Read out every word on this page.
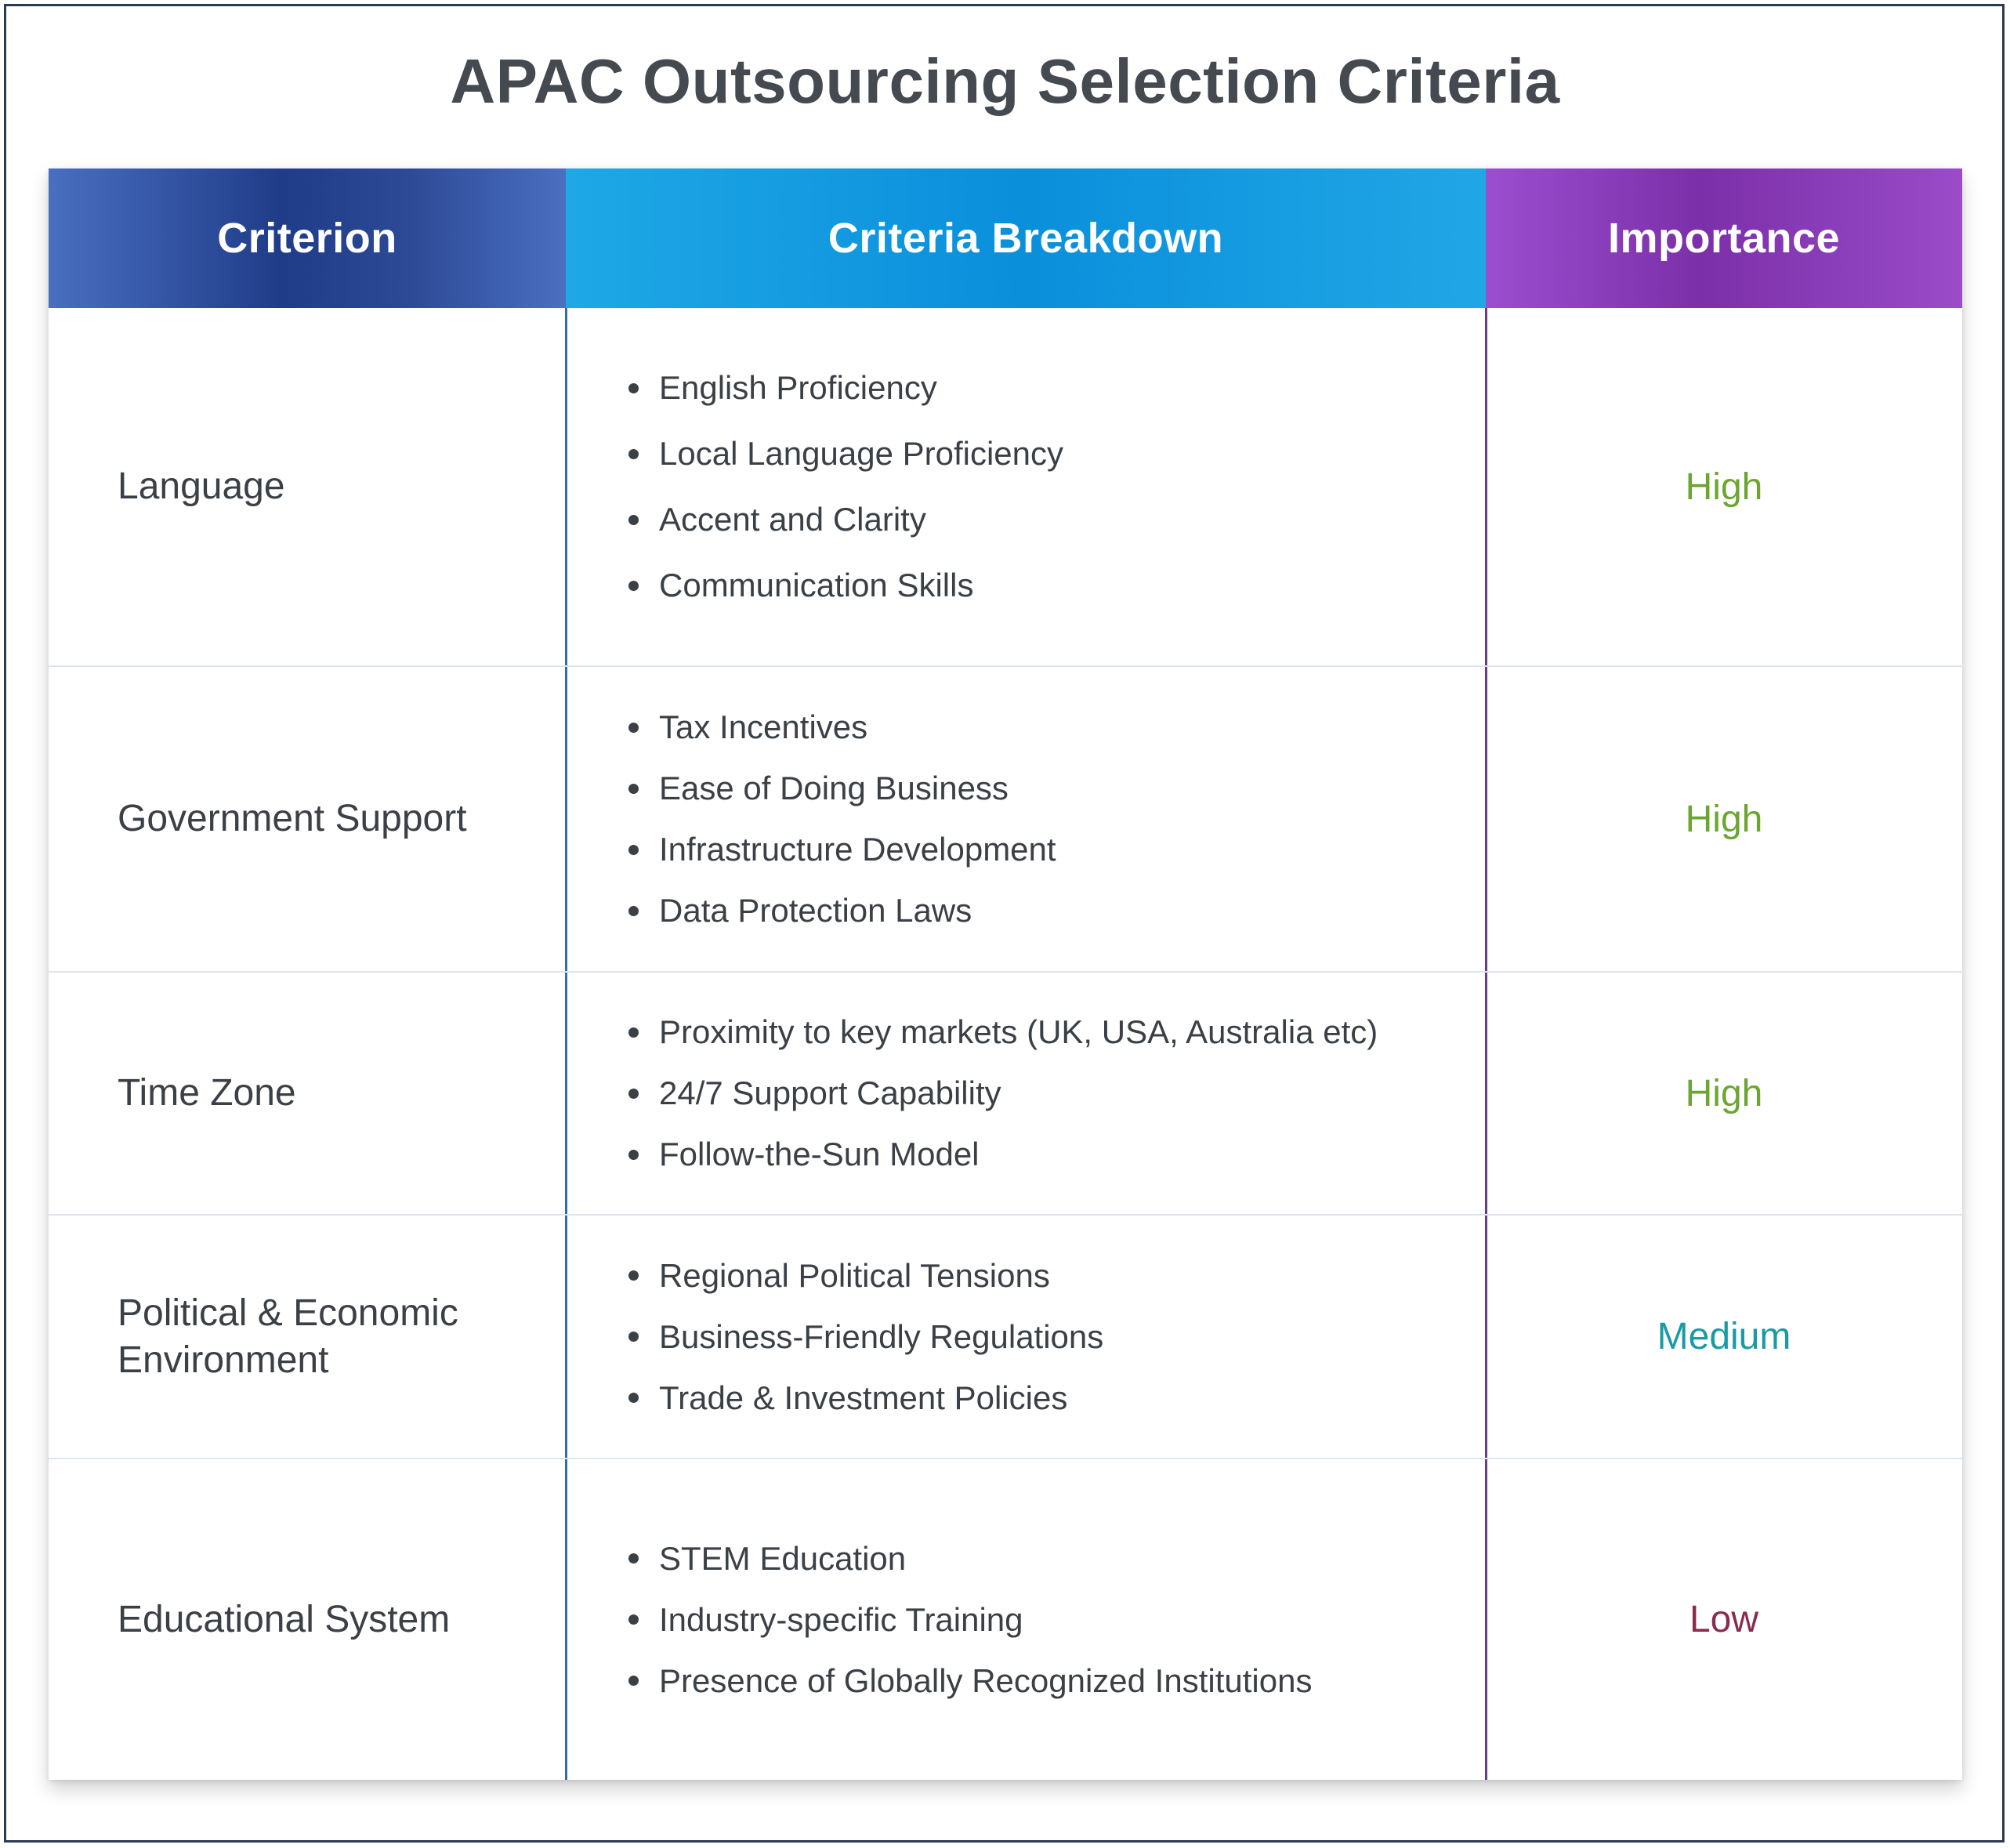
APAC Outsourcing Selection Criteria
Criterion	Criteria Breakdown	Importance
Language
English Proficiency
Local Language Proficiency
Accent and Clarity
Communication Skills
High
Government Support
Tax Incentives
Ease of Doing Business
Infrastructure Development
Data Protection Laws
High
Time Zone
Proximity to key markets (UK, USA, Australia etc)
24/7 Support Capability
Follow-the-Sun Model
High
Political & Economic Environment
Regional Political Tensions
Business-Friendly Regulations
Trade & Investment Policies
Medium
Educational System
STEM Education
Industry-specific Training
Presence of Globally Recognized Institutions
Low
